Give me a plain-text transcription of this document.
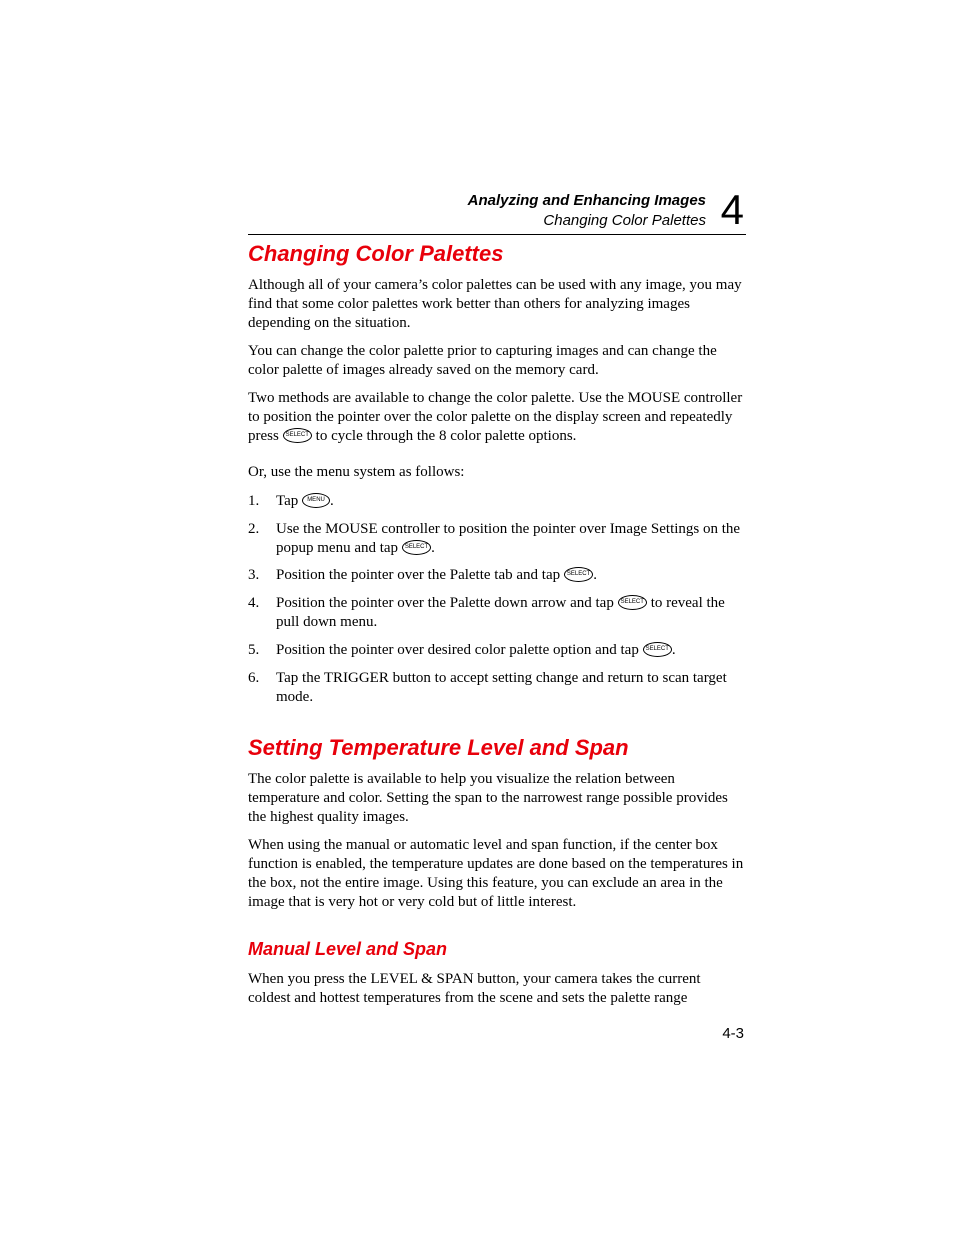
Analyzing and Enhancing Images
Changing Color Palettes 4
Changing Color Palettes

Although all of your camera’s color palettes can be used with any image, you may find that some color palettes work better than others for analyzing images depending on the situation.

You can change the color palette prior to capturing images and can change the color palette of images already saved on the memory card.

Two methods are available to change the color palette. Use the MOUSE controller to position the pointer over the color palette on the display screen and repeatedly press SELECT to cycle through the 8 color palette options.

Or, use the menu system as follows:

1. Tap MENU .
2. Use the MOUSE controller to position the pointer over Image Settings on the popup menu and tap SELECT .
3. Position the pointer over the Palette tab and tap SELECT .
4. Position the pointer over the Palette down arrow and tap SELECT to reveal the pull down menu.
5. Position the pointer over desired color palette option and tap SELECT .
6. Tap the TRIGGER button to accept setting change and return to scan target mode.
Setting Temperature Level and Span

The color palette is available to help you visualize the relation between temperature and color. Setting the span to the narrowest range possible provides the highest quality images.

When using the manual or automatic level and span function, if the center box function is enabled, the temperature updates are done based on the temperatures in the box, not the entire image. Using this feature, you can exclude an area in the image that is very hot or very cold but of little interest.

Manual Level and Span

When you press the LEVEL & SPAN button, your camera takes the current coldest and hottest temperatures from the scene and sets the palette range

4-3
